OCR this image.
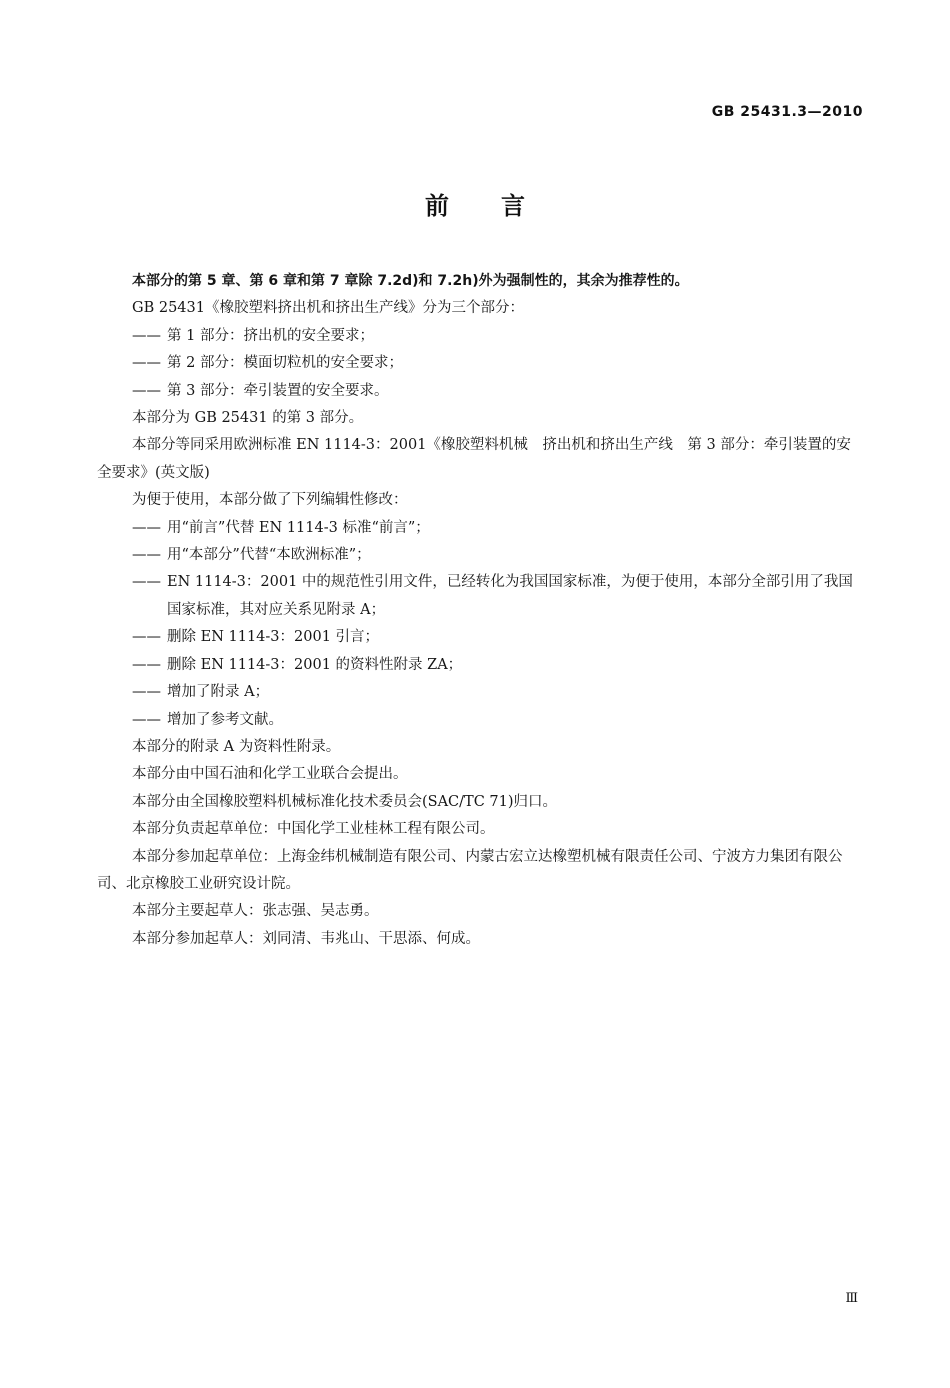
GB 25431.3—2010
前言

本部分的第 5 章、第 6 章和第 7 章除 7.2d)和 7.2h)外为强制性的，其余为推荐性的。

GB 25431《橡胶塑料挤出机和挤出生产线》分为三个部分：

—— 第 1 部分：挤出机的安全要求；

—— 第 2 部分：模面切粒机的安全要求；

—— 第 3 部分：牵引装置的安全要求。

本部分为 GB 25431 的第 3 部分。

本部分等同采用欧洲标准 EN 1114-3：2001《橡胶塑料机械　挤出机和挤出生产线　第 3 部分：牵引装置的安全要求》(英文版)

为便于使用，本部分做了下列编辑性修改：

—— 用“前言”代替 EN 1114-3 标准“前言”；

—— 用“本部分”代替“本欧洲标准”；

—— EN 1114-3：2001 中的规范性引用文件，已经转化为我国国家标准，为便于使用，本部分全部引用了我国国家标准，其对应关系见附录 A；

—— 删除 EN 1114-3：2001 引言；

—— 删除 EN 1114-3：2001 的资料性附录 ZA；

—— 增加了附录 A；

—— 增加了参考文献。

本部分的附录 A 为资料性附录。

本部分由中国石油和化学工业联合会提出。

本部分由全国橡胶塑料机械标准化技术委员会(SAC/TC 71)归口。

本部分负责起草单位：中国化学工业桂林工程有限公司。

本部分参加起草单位：上海金纬机械制造有限公司、内蒙古宏立达橡塑机械有限责任公司、宁波方力集团有限公司、北京橡胶工业研究设计院。

本部分主要起草人：张志强、吴志勇。

本部分参加起草人：刘同清、韦兆山、干思添、何成。

Ⅲ
